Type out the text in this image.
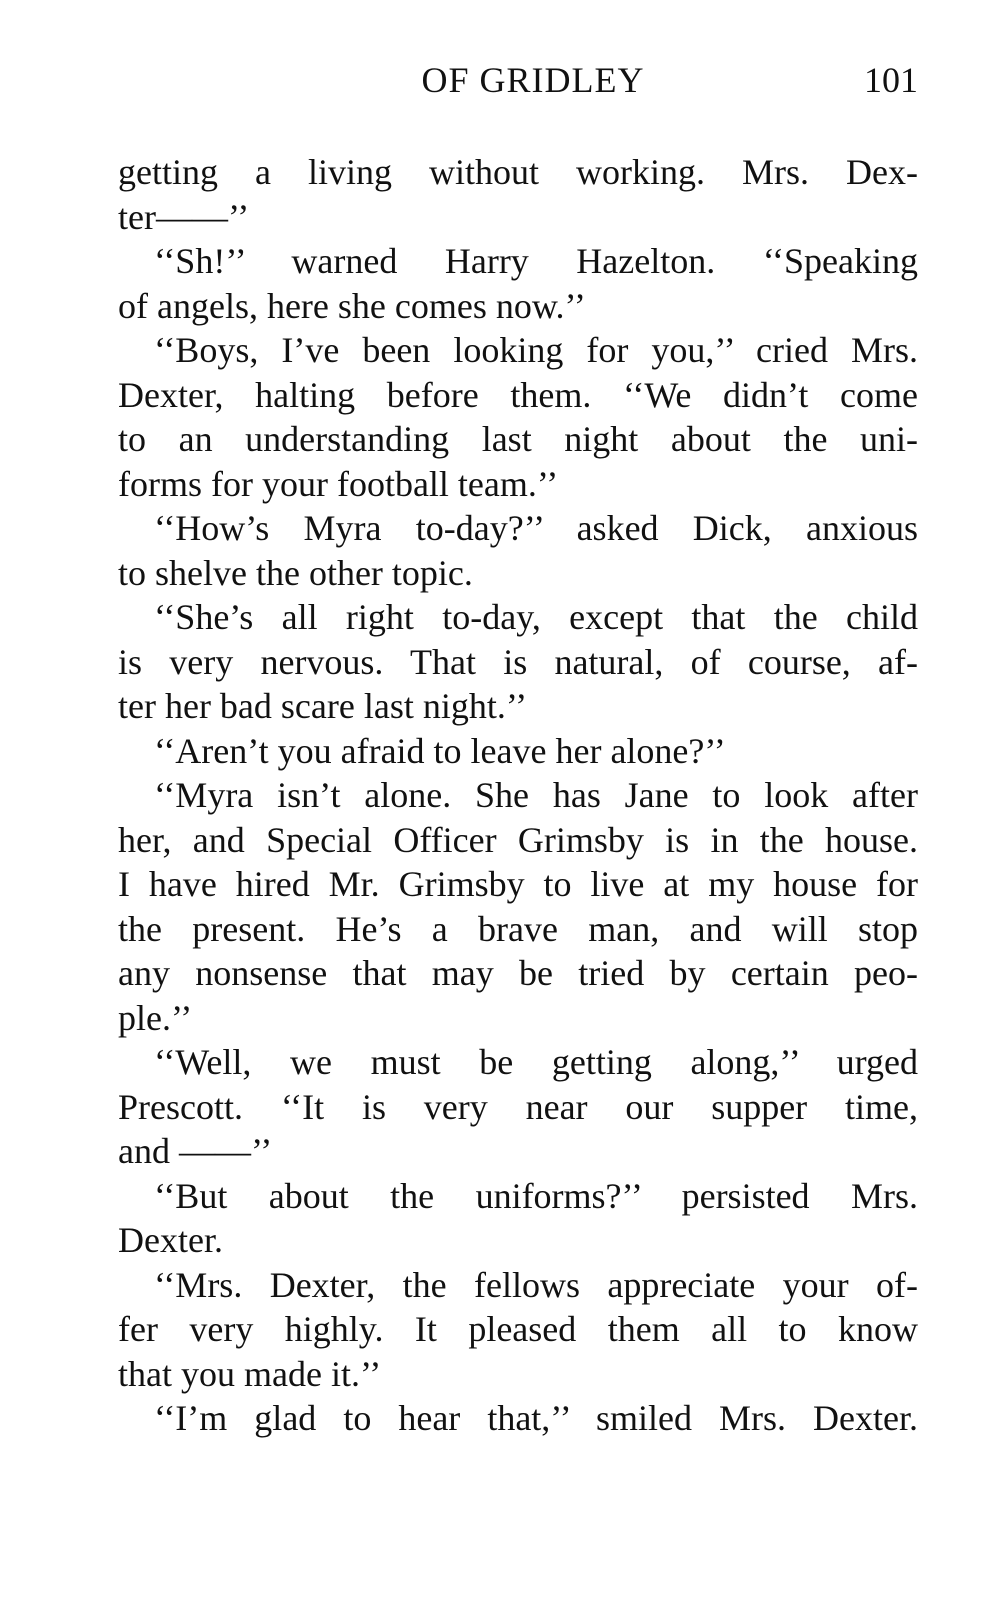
OF GRIDLEY	101
getting a living without working. Mrs. Dex-
ter——’’
‘‘Sh!’’ warned Harry Hazelton. ‘‘Speaking
of angels, here she comes now.’’
‘‘Boys, I’ve been looking for you,’’ cried Mrs.
Dexter, halting before them. ‘‘We didn’t come
to an understanding last night about the uni-
forms for your football team.’’
‘‘How’s Myra to-day?’’ asked Dick, anxious
to shelve the other topic.
‘‘She’s all right to-day, except that the child
is very nervous. That is natural, of course, af-
ter her bad scare last night.’’
‘‘Aren’t you afraid to leave her alone?’’
‘‘Myra isn’t alone. She has Jane to look after
her, and Special Officer Grimsby is in the house.
I have hired Mr. Grimsby to live at my house for
the present. He’s a brave man, and will stop
any nonsense that may be tried by certain peo-
ple.’’
‘‘Well, we must be getting along,’’ urged
Prescott. ‘‘It is very near our supper time,
and ——’’
‘‘But about the uniforms?’’ persisted Mrs.
Dexter.
‘‘Mrs. Dexter, the fellows appreciate your of-
fer very highly. It pleased them all to know
that you made it.’’
‘‘I’m glad to hear that,’’ smiled Mrs. Dexter.
